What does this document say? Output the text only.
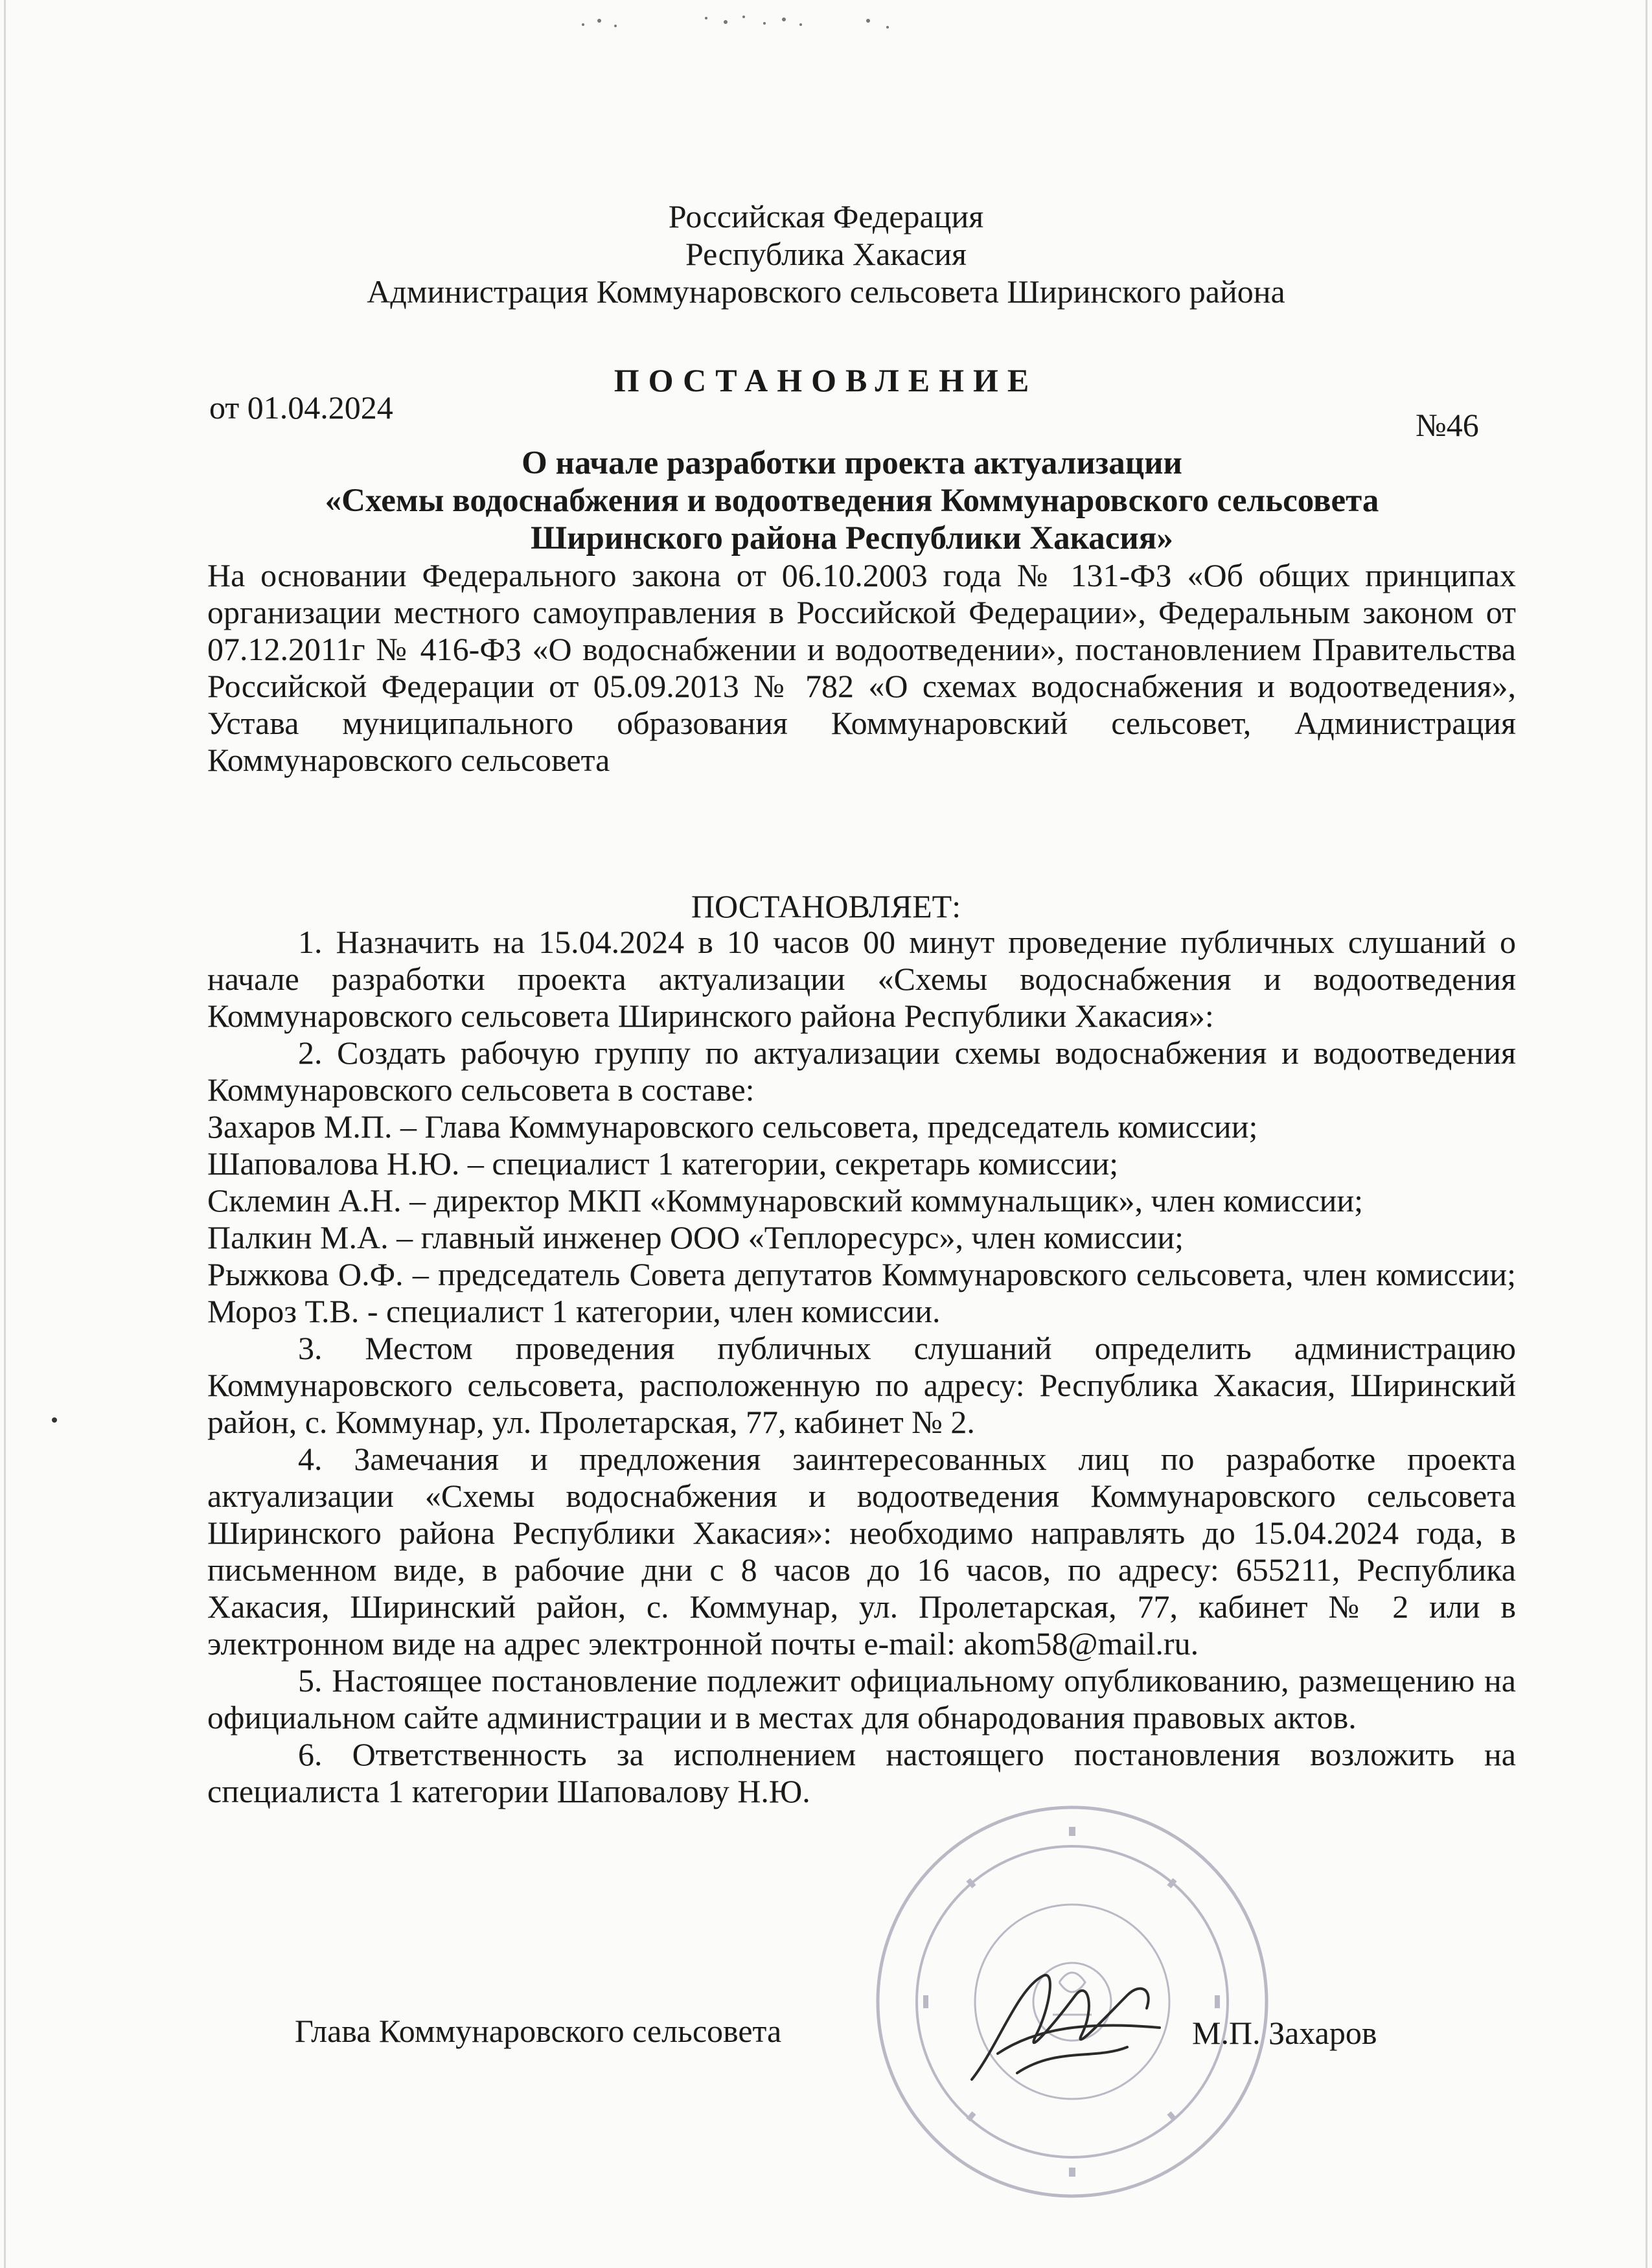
Российская Федерация
Республика Хакасия
Администрация Коммунаровского сельсовета Ширинского района
ПОСТАНОВЛЕНИЕ
от 01.04.2024	№46
О начале разработки проекта актуализации
«Схемы водоснабжения и водоотведения Коммунаровского сельсовета
Ширинского района Республики Хакасия»

На основании Федерального закона от 06.10.2003 года № 131-ФЗ «Об общих принципах организации местного самоуправления в Российской Федерации», Федеральным законом от 07.12.2011г № 416-ФЗ «О водоснабжении и водоотведении», постановлением Правительства Российской Федерации от 05.09.2013 № 782 «О схемах водоснабжения и водоотведения», Устава муниципального образования Коммунаровский сельсовет, Администрация Коммунаровского сельсовета

ПОСТАНОВЛЯЕТ:

1. Назначить на 15.04.2024 в 10 часов 00 минут проведение публичных слушаний о начале разработки проекта актуализации «Схемы водоснабжения и водоотведения Коммунаровского сельсовета Ширинского района Республики Хакасия»:

2. Создать рабочую группу по актуализации схемы водоснабжения и водоотведения Коммунаровского сельсовета в составе:

Захаров М.П. – Глава Коммунаровского сельсовета, председатель комиссии;

Шаповалова Н.Ю. – специалист 1 категории, секретарь комиссии;

Склемин А.Н. – директор МКП «Коммунаровский коммунальщик», член комиссии;

Палкин М.А. – главный инженер ООО «Теплоресурс», член комиссии;

Рыжкова О.Ф. – председатель Совета депутатов Коммунаровского сельсовета, член комиссии; Мороз Т.В. - специалист 1 категории, член комиссии.

3. Местом проведения публичных слушаний определить администрацию Коммунаровского сельсовета, расположенную по адресу: Республика Хакасия, Ширинский район, с. Коммунар, ул. Пролетарская, 77, кабинет № 2.

4. Замечания и предложения заинтересованных лиц по разработке проекта актуализации «Схемы водоснабжения и водоотведения Коммунаровского сельсовета Ширинского района Республики Хакасия»: необходимо направлять до 15.04.2024 года, в письменном виде, в рабочие дни с 8 часов до 16 часов, по адресу: 655211, Республика Хакасия, Ширинский район, с. Коммунар, ул. Пролетарская, 77, кабинет № 2 или в электронном виде на адрес электронной почты e-mail: akom58@mail.ru.

5. Настоящее постановление подлежит официальному опубликованию, размещению на официальном сайте администрации и в местах для обнародования правовых актов.

6. Ответственность за исполнением настоящего постановления возложить на специалиста 1 категории Шаповалову Н.Ю.

Глава Коммунаровского сельсовета	М.П. Захаров
